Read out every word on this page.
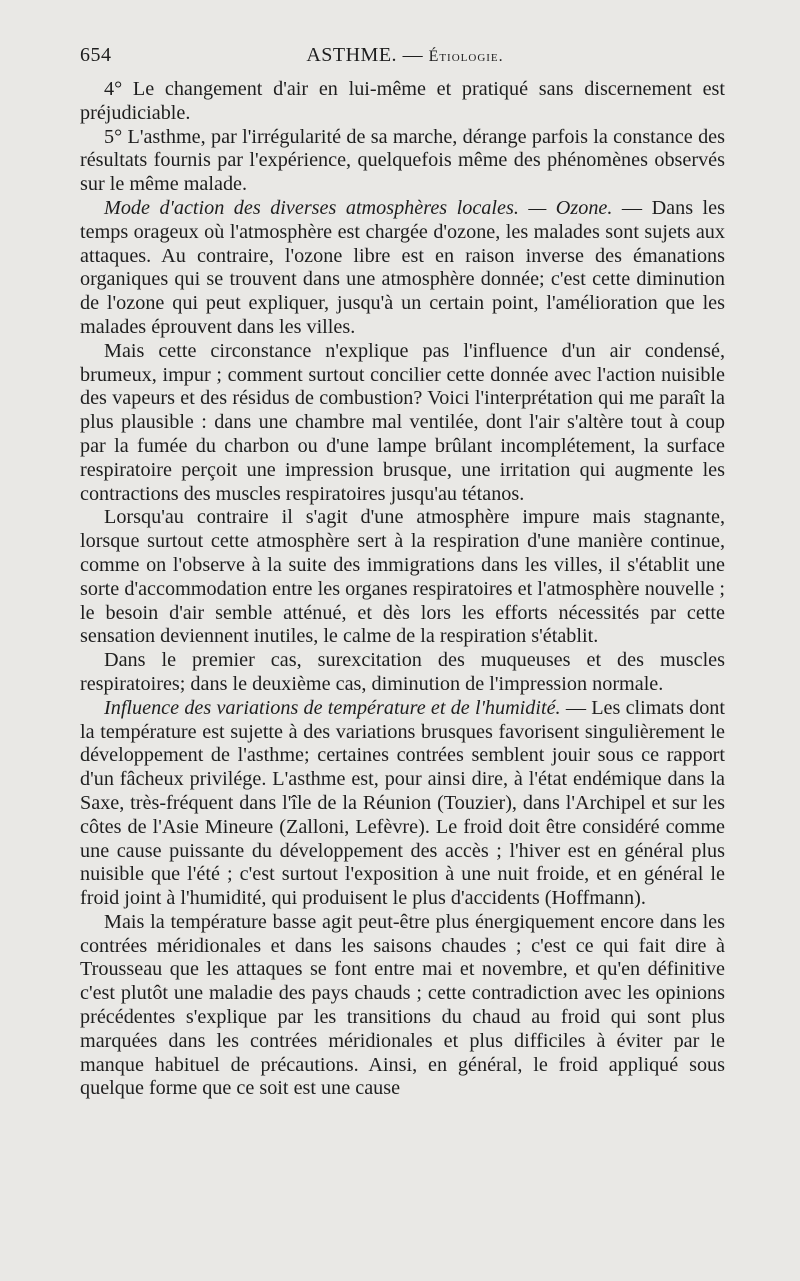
654	ASTHME. — Étiologie.

4° Le changement d'air en lui-même et pratiqué sans discernement est préjudiciable.

5° L'asthme, par l'irrégularité de sa marche, dérange parfois la constance des résultats fournis par l'expérience, quelquefois même des phénomènes observés sur le même malade.

Mode d'action des diverses atmosphères locales. — Ozone. — Dans les temps orageux où l'atmosphère est chargée d'ozone, les malades sont sujets aux attaques. Au contraire, l'ozone libre est en raison inverse des émanations organiques qui se trouvent dans une atmosphère donnée; c'est cette diminution de l'ozone qui peut expliquer, jusqu'à un certain point, l'amélioration que les malades éprouvent dans les villes.

Mais cette circonstance n'explique pas l'influence d'un air condensé, brumeux, impur ; comment surtout concilier cette donnée avec l'action nuisible des vapeurs et des résidus de combustion? Voici l'interprétation qui me paraît la plus plausible : dans une chambre mal ventilée, dont l'air s'altère tout à coup par la fumée du charbon ou d'une lampe brûlant incomplétement, la surface respiratoire perçoit une impression brusque, une irritation qui augmente les contractions des muscles respiratoires jusqu'au tétanos.

Lorsqu'au contraire il s'agit d'une atmosphère impure mais stagnante, lorsque surtout cette atmosphère sert à la respiration d'une manière continue, comme on l'observe à la suite des immigrations dans les villes, il s'établit une sorte d'accommodation entre les organes respiratoires et l'atmosphère nouvelle ; le besoin d'air semble atténué, et dès lors les efforts nécessités par cette sensation deviennent inutiles, le calme de la respiration s'établit.

Dans le premier cas, surexcitation des muqueuses et des muscles respiratoires; dans le deuxième cas, diminution de l'impression normale.

Influence des variations de température et de l'humidité. — Les climats dont la température est sujette à des variations brusques favorisent singulièrement le développement de l'asthme; certaines contrées semblent jouir sous ce rapport d'un fâcheux privilége. L'asthme est, pour ainsi dire, à l'état endémique dans la Saxe, très-fréquent dans l'île de la Réunion (Touzier), dans l'Archipel et sur les côtes de l'Asie Mineure (Zalloni, Lefèvre). Le froid doit être considéré comme une cause puissante du développement des accès ; l'hiver est en général plus nuisible que l'été ; c'est surtout l'exposition à une nuit froide, et en général le froid joint à l'humidité, qui produisent le plus d'accidents (Hoffmann).

Mais la température basse agit peut-être plus énergiquement encore dans les contrées méridionales et dans les saisons chaudes ; c'est ce qui fait dire à Trousseau que les attaques se font entre mai et novembre, et qu'en définitive c'est plutôt une maladie des pays chauds ; cette contradiction avec les opinions précédentes s'explique par les transitions du chaud au froid qui sont plus marquées dans les contrées méridionales et plus difficiles à éviter par le manque habituel de précautions. Ainsi, en général, le froid appliqué sous quelque forme que ce soit est une cause
